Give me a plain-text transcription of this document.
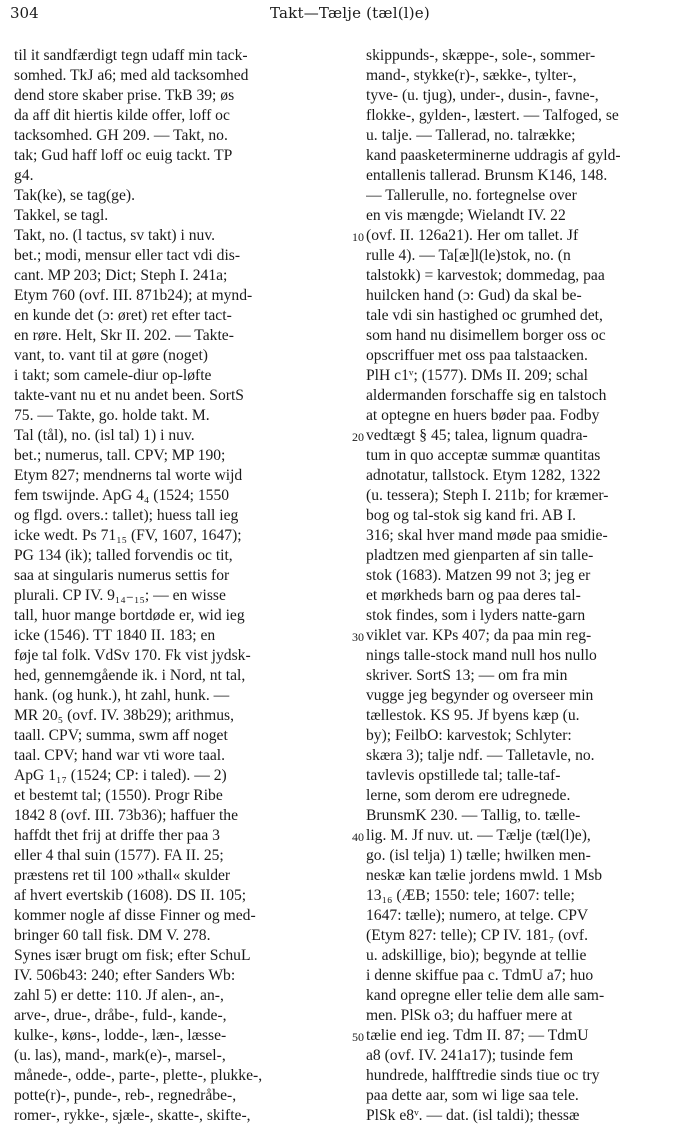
304	Takt—Tælje (tæl(l)e)
til it sandfærdigt tegn udaff min tack-
somhed. TkJ a6; med ald tacksomhed
dend store skaber prise. TkB 39; øs
da aff dit hiertis kilde offer, loff oc
tacksomhed. GH 209. — Takt, no.
tak; Gud haff loff oc euig tackt. TP
g4.
Tak(ke), se tag(ge).
Takkel, se tagl.
Takt, no. (l tactus, sv takt) i nuv.
bet.; modi, mensur eller tact vdi dis-
cant. MP 203; Dict; Steph I. 241a;
Etym 760 (ovf. III. 871b24); at mynd-
en kunde det (ɔ: øret) ret efter tact-
en røre. Helt, Skr II. 202. — Takte-
vant, to. vant til at gøre (noget)
i takt; som camele-diur op-løfte
takte-vant nu et nu andet been. SortS
75. — Takte, go. holde takt. M.
Tal (tål), no. (isl tal) 1) i nuv.
bet.; numerus, tall. CPV; MP 190;
Etym 827; mendnerns tal worte wijd
fem tswijnde. ApG 4₄ (1524; 1550
og flgd. overs.: tallet); huess tall ieg
icke wedt. Ps 71₁₅ (FV, 1607, 1647);
PG 134 (ik); talled forvendis oc tit,
saa at singularis numerus settis for
plurali. CP IV. 9₁₄₋₁₅; — en wisse
tall, huor mange bortdøde er, wid ieg
icke (1546). TT 1840 II. 183; en
føje tal folk. VdSv 170. Fk vist jydsk-
hed, gennemgående ik. i Nord, nt tal,
hank. (og hunk.), ht zahl, hunk. —
MR 20₅ (ovf. IV. 38b29); arithmus,
taall. CPV; summa, swm aff noget
taal. CPV; hand war vti wore taal.
ApG 1₁₇ (1524; CP: i taled). — 2)
et bestemt tal; (1550). Progr Ribe
1842 8 (ovf. III. 73b36); haffuer the
haffdt thet frij at driffe ther paa 3
eller 4 thal suin (1577). FA II. 25;
præstens ret til 100 »thall« skulder
af hvert evertskib (1608). DS II. 105;
kommer nogle af disse Finner og med-
bringer 60 tall fisk. DM V. 278.
Synes især brugt om fisk; efter SchuL
IV. 506b43: 240; efter Sanders Wb:
zahl 5) er dette: 110. Jf alen-, an-,
arve-, drue-, dråbe-, fuld-, kande-,
kulke-, køns-, lodde-, læn-, læsse-
(u. las), mand-, mark(e)-, marsel-,
månede-, odde-, parte-, plette-, plukke-,
potte(r)-, punde-, reb-, regnedråbe-,
romer-, rykke-, sjæle-, skatte-, skifte-,
10
20
30
40
50
skippunds-, skæppe-, sole-, sommer-
mand-, stykke(r)-, sække-, tylter-,
tyve- (u. tjug), under-, dusin-, favne-,
flokke-, gylden-, læstert. — Talfoged, se
u. talje. — Tallerad, no. talrække;
kand paasketerminerne uddragis af gyld-
entallenis tallerad. Brunsm K146, 148.
— Tallerulle, no. fortegnelse over
en vis mængde; Wielandt IV. 22
(ovf. II. 126a21). Her om tallet. Jf
rulle 4). — Ta[æ]l(le)stok, no. (n
talstokk) = karvestok; dommedag, paa
huilcken hand (ɔ: Gud) da skal be-
tale vdi sin hastighed oc grumhed det,
som hand nu disimellem borger oss oc
opscriffuer met oss paa talstaacken.
PlH c1ᵛ; (1577). DMs II. 209; schal
aldermanden forschaffe sig en talstoch
at optegne en huers bøder paa. Fodby
vedtægt § 45; talea, lignum quadra-
tum in quo acceptæ summæ quantitas
adnotatur, tallstock. Etym 1282, 1322
(u. tessera); Steph I. 211b; for kræmer-
bog og tal-stok sig kand fri. AB I.
316; skal hver mand møde paa smidie-
pladtzen med gienparten af sin talle-
stok (1683). Matzen 99 not 3; jeg er
et mørkheds barn og paa deres tal-
stok findes, som i lyders natte-garn
viklet var. KPs 407; da paa min reg-
nings talle-stock mand null hos nullo
skriver. SortS 13; — om fra min
vugge jeg begynder og overseer min
tællestok. KS 95. Jf byens kæp (u.
by); FeilbO: karvestok; Schlyter:
skæra 3); talje ndf. — Talletavle, no.
tavlevis opstillede tal; talle-taf-
lerne, som derom ere udregnede.
BrunsmK 230. — Tallig, to. tælle-
lig. M. Jf nuv. ut. — Tælje (tæl(l)e),
go. (isl telja) 1) tælle; hwilken men-
neskæ kan tælie jordens mwld. 1 Msb
13₁₆ (ÆB; 1550: tele; 1607: telle;
1647: tælle); numero, at telge. CPV
(Etym 827: telle); CP IV. 181₇ (ovf.
u. adskillige, bio); begynde at tellie
i denne skiffue paa c. TdmU a7; huo
kand opregne eller telie dem alle sam-
men. PlSk o3; du haffuer mere at
tælie end ieg. Tdm II. 87; — TdmU
a8 (ovf. IV. 241a17); tusinde fem
hundrede, halfftredie sinds tiue oc try
paa dette aar, som wi lige saa tele.
PlSk e8ᵛ. — dat. (isl taldi); thessæ
